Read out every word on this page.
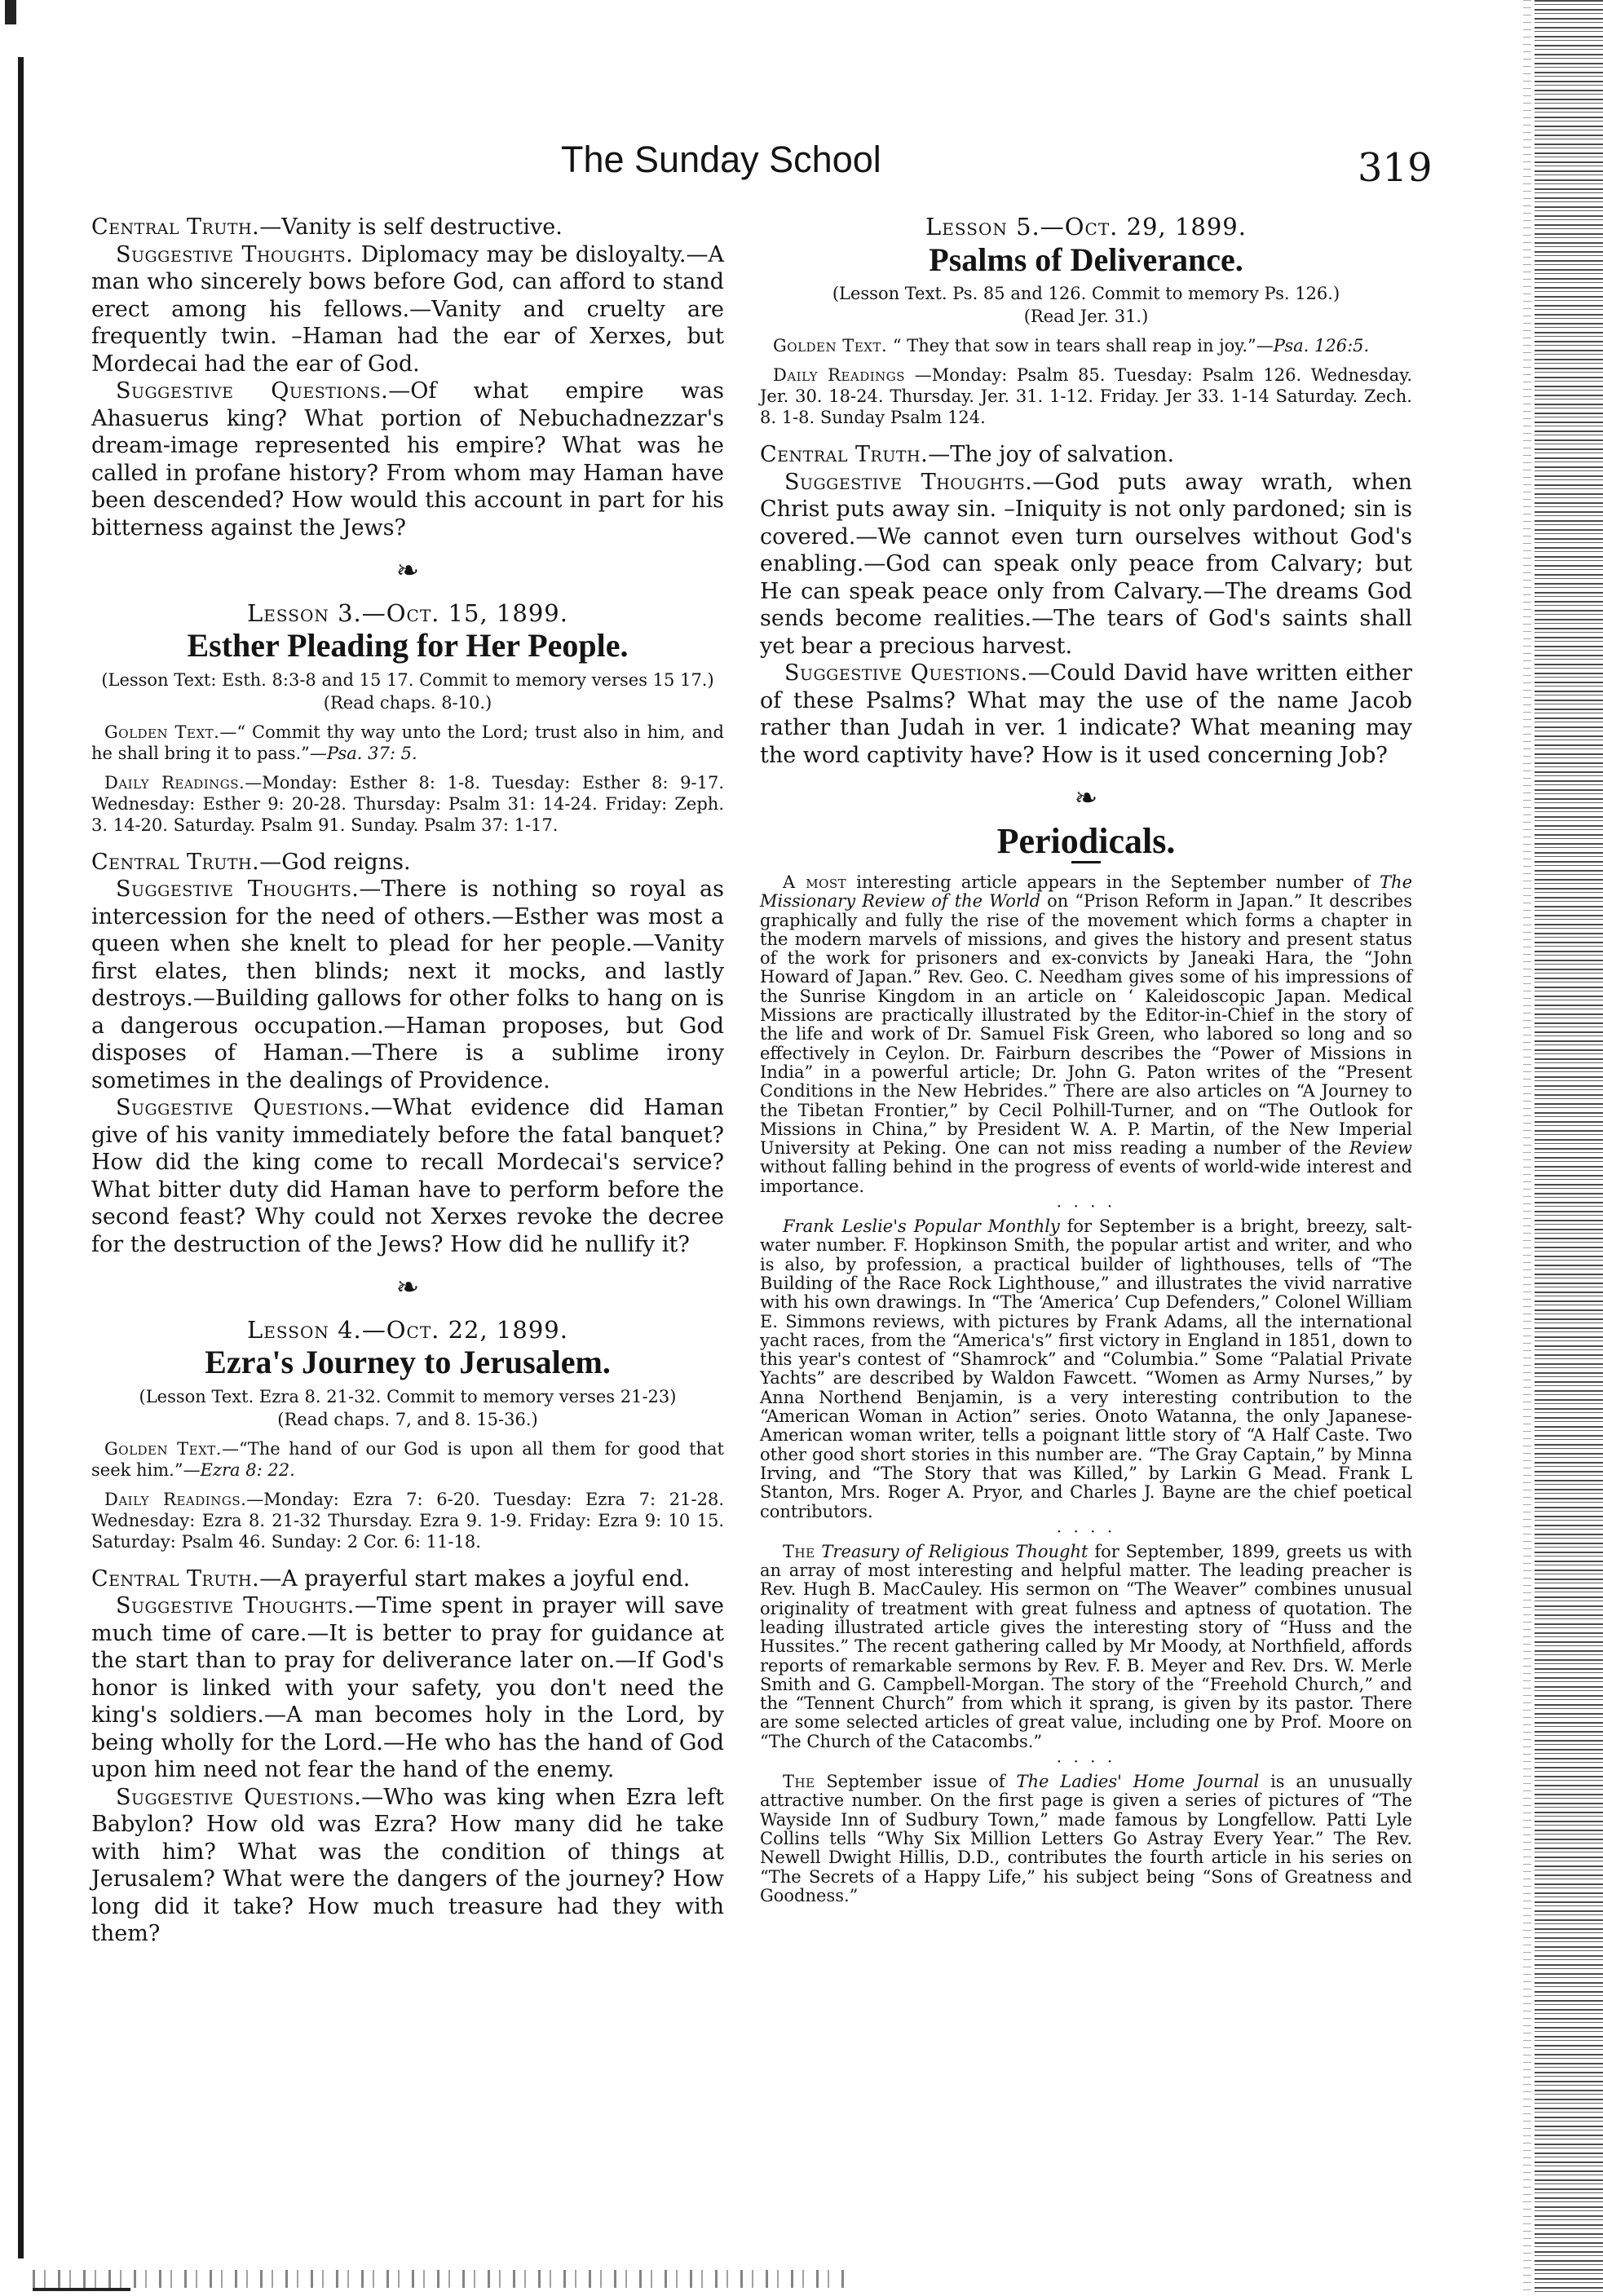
The Sunday School	319

Central Truth.—Vanity is self destructive.

Suggestive Thoughts. Diplomacy may be disloyalty.—A man who sincerely bows before God, can afford to stand erect among his fellows.—Vanity and cruelty are frequently twin. –Haman had the ear of Xerxes, but Mordecai had the ear of God.

Suggestive Questions.—Of what empire was Ahasuerus king? What portion of Nebuchadnezzar's dream-image represented his empire? What was he called in profane history? From whom may Haman have been descended? How would this account in part for his bitterness against the Jews?

❧
Lesson 3.—Oct. 15, 1899.
Esther Pleading for Her People.
(Lesson Text: Esth. 8:3-8 and 15 17. Commit to memory verses 15 17.)
(Read chaps. 8-10.)

Golden Text.—“ Commit thy way unto the Lord; trust also in him, and he shall bring it to pass.”—Psa. 37: 5.

Daily Readings.—Monday: Esther 8: 1-8. Tuesday: Esther 8: 9-17. Wednesday: Esther 9: 20-28. Thursday: Psalm 31: 14-24. Friday: Zeph. 3. 14-20. Saturday. Psalm 91. Sunday. Psalm 37: 1-17.

Central Truth.—God reigns.

Suggestive Thoughts.—There is nothing so royal as intercession for the need of others.—Esther was most a queen when she knelt to plead for her people.—Vanity first elates, then blinds; next it mocks, and lastly destroys.—Building gallows for other folks to hang on is a dangerous occupation.—Haman proposes, but God disposes of Haman.—There is a sublime irony sometimes in the dealings of Providence.

Suggestive Questions.—What evidence did Haman give of his vanity immediately before the fatal banquet? How did the king come to recall Mordecai's service? What bitter duty did Haman have to perform before the second feast? Why could not Xerxes revoke the decree for the destruction of the Jews? How did he nullify it?

❧
Lesson 4.—Oct. 22, 1899.
Ezra's Journey to Jerusalem.
(Lesson Text. Ezra 8. 21-32. Commit to memory verses 21-23)
(Read chaps. 7, and 8. 15-36.)

Golden Text.—“The hand of our God is upon all them for good that seek him.”—Ezra 8: 22.

Daily Readings.—Monday: Ezra 7: 6-20. Tuesday: Ezra 7: 21-28. Wednesday: Ezra 8. 21-32 Thursday. Ezra 9. 1-9. Friday: Ezra 9: 10 15. Saturday: Psalm 46. Sunday: 2 Cor. 6: 11-18.

Central Truth.—A prayerful start makes a joyful end.

Suggestive Thoughts.—Time spent in prayer will save much time of care.—It is better to pray for guidance at the start than to pray for deliverance later on.—If God's honor is linked with your safety, you don't need the king's soldiers.—A man becomes holy in the Lord, by being wholly for the Lord.—He who has the hand of God upon him need not fear the hand of the enemy.

Suggestive Questions.—Who was king when Ezra left Babylon? How old was Ezra? How many did he take with him? What was the condition of things at Jerusalem? What were the dangers of the journey? How long did it take? How much treasure had they with them?

Lesson 5.—Oct. 29, 1899.
Psalms of Deliverance.
(Lesson Text. Ps. 85 and 126. Commit to memory Ps. 126.)
(Read Jer. 31.)

Golden Text. “ They that sow in tears shall reap in joy.”—Psa. 126:5.

Daily Readings —Monday: Psalm 85. Tuesday: Psalm 126. Wednesday. Jer. 30. 18-24. Thursday. Jer. 31. 1-12. Friday. Jer 33. 1-14 Saturday. Zech. 8. 1-8. Sunday Psalm 124.

Central Truth.—The joy of salvation.

Suggestive Thoughts.—God puts away wrath, when Christ puts away sin. –Iniquity is not only pardoned; sin is covered.—We cannot even turn ourselves without God's enabling.—God can speak only peace from Calvary; but He can speak peace only from Calvary.—The dreams God sends become realities.—The tears of God's saints shall yet bear a precious harvest.

Suggestive Questions.—Could David have written either of these Psalms? What may the use of the name Jacob rather than Judah in ver. 1 indicate? What meaning may the word captivity have? How is it used concerning Job?

❧
Periodicals.

A most interesting article appears in the September number of The Missionary Review of the World on “Prison Reform in Japan.” It describes graphically and fully the rise of the movement which forms a chapter in the modern marvels of missions, and gives the history and present status of the work for prisoners and ex-convicts by Janeaki Hara, the “John Howard of Japan.” Rev. Geo. C. Needham gives some of his impressions of the Sunrise Kingdom in an article on ‘ Kaleidoscopic Japan. Medical Missions are practically illustrated by the Editor-in-Chief in the story of the life and work of Dr. Samuel Fisk Green, who labored so long and so effectively in Ceylon. Dr. Fairburn describes the “Power of Missions in India” in a powerful article; Dr. John G. Paton writes of the “Present Conditions in the New Hebrides.” There are also articles on “A Journey to the Tibetan Frontier,” by Cecil Polhill-Turner, and on “The Outlook for Missions in China,” by President W. A. P. Martin, of the New Imperial University at Peking. One can not miss reading a number of the Review without falling behind in the progress of events of world-wide interest and importance.

· · · ·

Frank Leslie's Popular Monthly for September is a bright, breezy, salt-water number. F. Hopkinson Smith, the popular artist and writer, and who is also, by profession, a practical builder of lighthouses, tells of “The Building of the Race Rock Lighthouse,” and illustrates the vivid narrative with his own drawings. In “The ‘America’ Cup Defenders,” Colonel William E. Simmons reviews, with pictures by Frank Adams, all the international yacht races, from the “America's” first victory in England in 1851, down to this year's contest of “Shamrock” and “Columbia.” Some “Palatial Private Yachts” are described by Waldon Fawcett. “Women as Army Nurses,” by Anna Northend Benjamin, is a very interesting contribution to the “American Woman in Action” series. Onoto Watanna, the only Japanese-American woman writer, tells a poignant little story of “A Half Caste. Two other good short stories in this number are. “The Gray Captain,” by Minna Irving, and “The Story that was Killed,” by Larkin G Mead. Frank L Stanton, Mrs. Roger A. Pryor, and Charles J. Bayne are the chief poetical contributors.

· · · ·

The Treasury of Religious Thought for September, 1899, greets us with an array of most interesting and helpful matter. The leading preacher is Rev. Hugh B. MacCauley. His sermon on “The Weaver” combines unusual originality of treatment with great fulness and aptness of quotation. The leading illustrated article gives the interesting story of “Huss and the Hussites.” The recent gathering called by Mr Moody, at Northfield, affords reports of remarkable sermons by Rev. F. B. Meyer and Rev. Drs. W. Merle Smith and G. Campbell-Morgan. The story of the “Freehold Church,” and the “Tennent Church” from which it sprang, is given by its pastor. There are some selected articles of great value, including one by Prof. Moore on “The Church of the Catacombs.”

· · · ·

The September issue of The Ladies' Home Journal is an unusually attractive number. On the first page is given a series of pictures of “The Wayside Inn of Sudbury Town,” made famous by Longfellow. Patti Lyle Collins tells “Why Six Million Letters Go Astray Every Year.” The Rev. Newell Dwight Hillis, D.D., contributes the fourth article in his series on “The Secrets of a Happy Life,” his subject being “Sons of Greatness and Goodness.”
